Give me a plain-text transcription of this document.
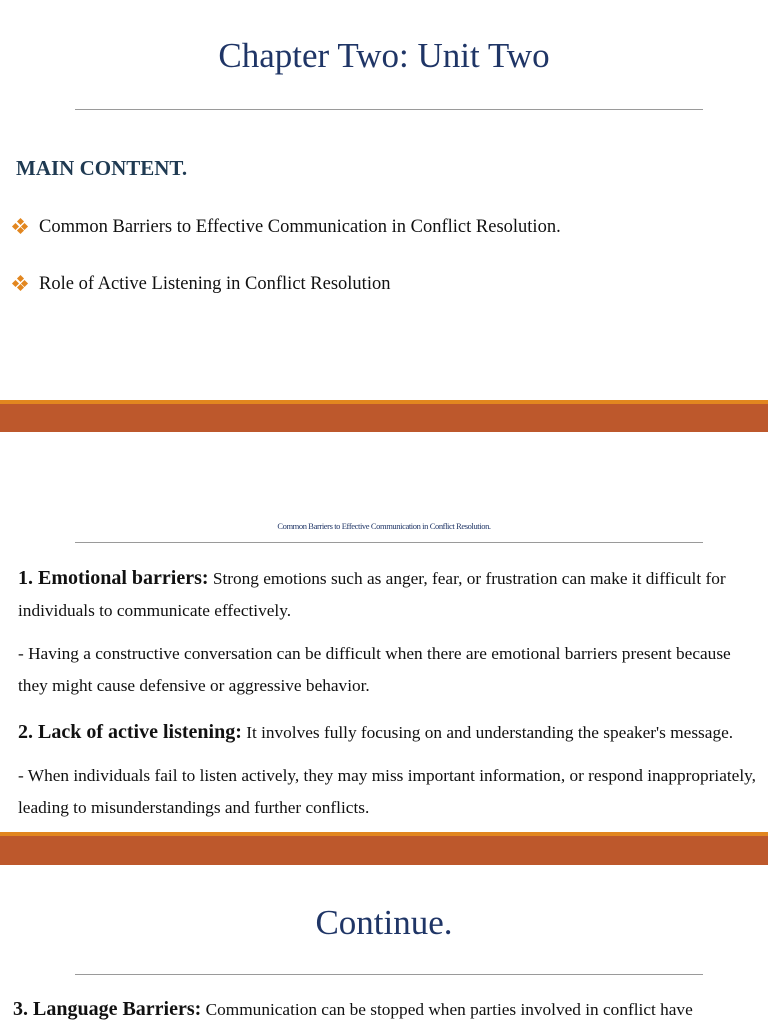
Chapter Two: Unit Two
MAIN CONTENT.
Common Barriers to Effective Communication in Conflict Resolution.
Role of Active Listening in Conflict Resolution
Common Barriers to Effective Communication in Conflict Resolution.
1. Emotional barriers: Strong emotions such as anger, fear, or frustration can make it difficult for individuals to communicate effectively.
- Having a constructive conversation can be difficult when there are emotional barriers present because they might cause defensive or aggressive behavior.
2. Lack of active listening: It involves fully focusing on and understanding the speaker's message.
- When individuals fail to listen actively, they may miss important information, or respond inappropriately, leading to misunderstandings and further conflicts.
Continue.
3. Language Barriers: Communication can be stopped when parties involved in conflict have
